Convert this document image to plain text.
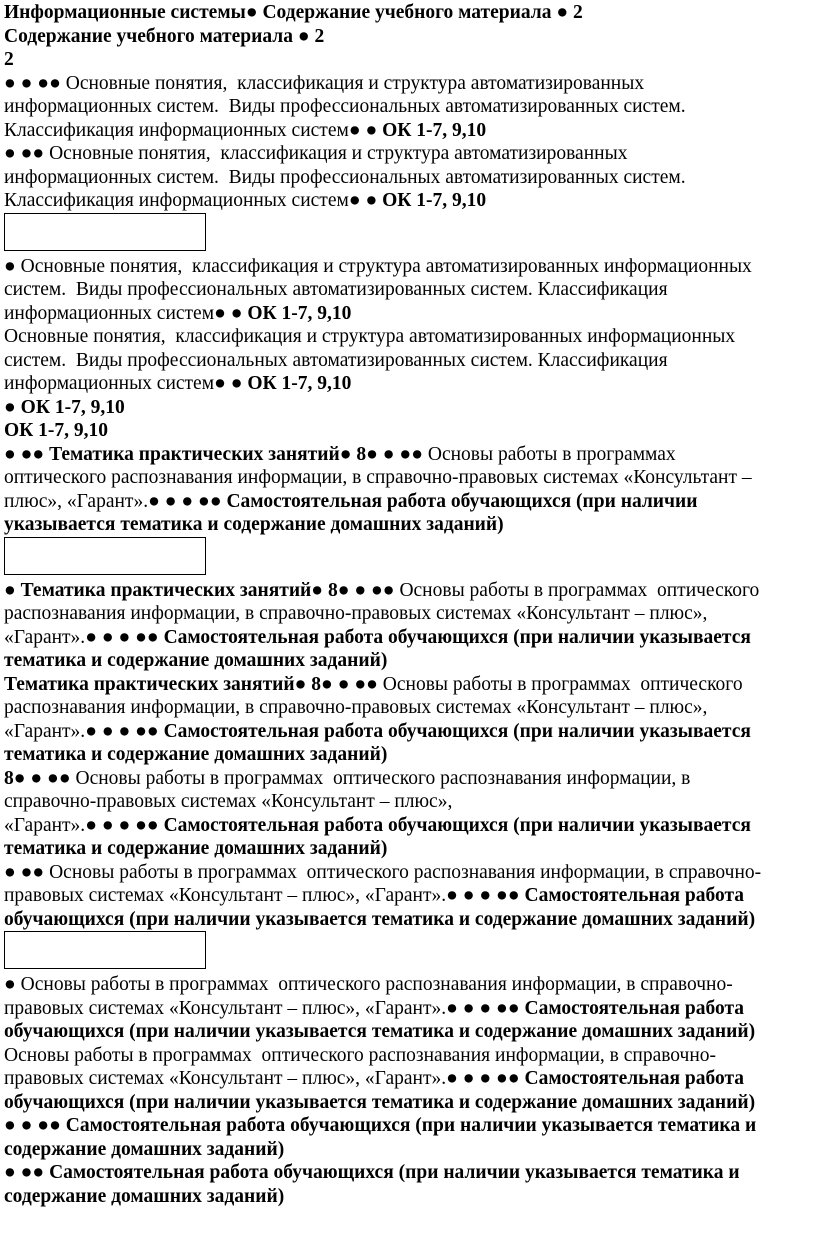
Информационные системы● Содержание учебного материала ● 2
Содержание учебного материала ● 2
2
● ● ●● Основные понятия,  классификация и структура автоматизированных
информационных систем.  Виды профессиональных автоматизированных систем.
Классификация информационных систем● ● ОК 1-7, 9,10
● ●● Основные понятия,  классификация и структура автоматизированных
информационных систем.  Виды профессиональных автоматизированных систем.
Классификация информационных систем● ● ОК 1-7, 9,10
● Основные понятия,  классификация и структура автоматизированных информационных
систем.  Виды профессиональных автоматизированных систем. Классификация
информационных систем● ● ОК 1-7, 9,10
Основные понятия,  классификация и структура автоматизированных информационных
систем.  Виды профессиональных автоматизированных систем. Классификация
информационных систем● ● ОК 1-7, 9,10
● ОК 1-7, 9,10
ОК 1-7, 9,10
● ●● Тематика практических занятий● 8● ● ●● Основы работы в программах
оптического распознавания информации, в справочно-правовых системах «Консультант –
плюс», «Гарант».● ● ● ●● Самостоятельная работа обучающихся (при наличии
указывается тематика и содержание домашних заданий)
● Тематика практических занятий● 8● ● ●● Основы работы в программах  оптического
распознавания информации, в справочно-правовых системах «Консультант – плюс»,
«Гарант».● ● ● ●● Самостоятельная работа обучающихся (при наличии указывается
тематика и содержание домашних заданий)
Тематика практических занятий● 8● ● ●● Основы работы в программах  оптического
распознавания информации, в справочно-правовых системах «Консультант – плюс»,
«Гарант».● ● ● ●● Самостоятельная работа обучающихся (при наличии указывается
тематика и содержание домашних заданий)
8● ● ●● Основы работы в программах  оптического распознавания информации, в
справочно-правовых системах «Консультант – плюс»,
«Гарант».● ● ● ●● Самостоятельная работа обучающихся (при наличии указывается
тематика и содержание домашних заданий)
● ●● Основы работы в программах  оптического распознавания информации, в справочно-
правовых системах «Консультант – плюс», «Гарант».● ● ● ●● Самостоятельная работа
обучающихся (при наличии указывается тематика и содержание домашних заданий)
● Основы работы в программах  оптического распознавания информации, в справочно-
правовых системах «Консультант – плюс», «Гарант».● ● ● ●● Самостоятельная работа
обучающихся (при наличии указывается тематика и содержание домашних заданий)
Основы работы в программах  оптического распознавания информации, в справочно-
правовых системах «Консультант – плюс», «Гарант».● ● ● ●● Самостоятельная работа
обучающихся (при наличии указывается тематика и содержание домашних заданий)
● ● ●● Самостоятельная работа обучающихся (при наличии указывается тематика и
содержание домашних заданий)
● ●● Самостоятельная работа обучающихся (при наличии указывается тематика и
содержание домашних заданий)
